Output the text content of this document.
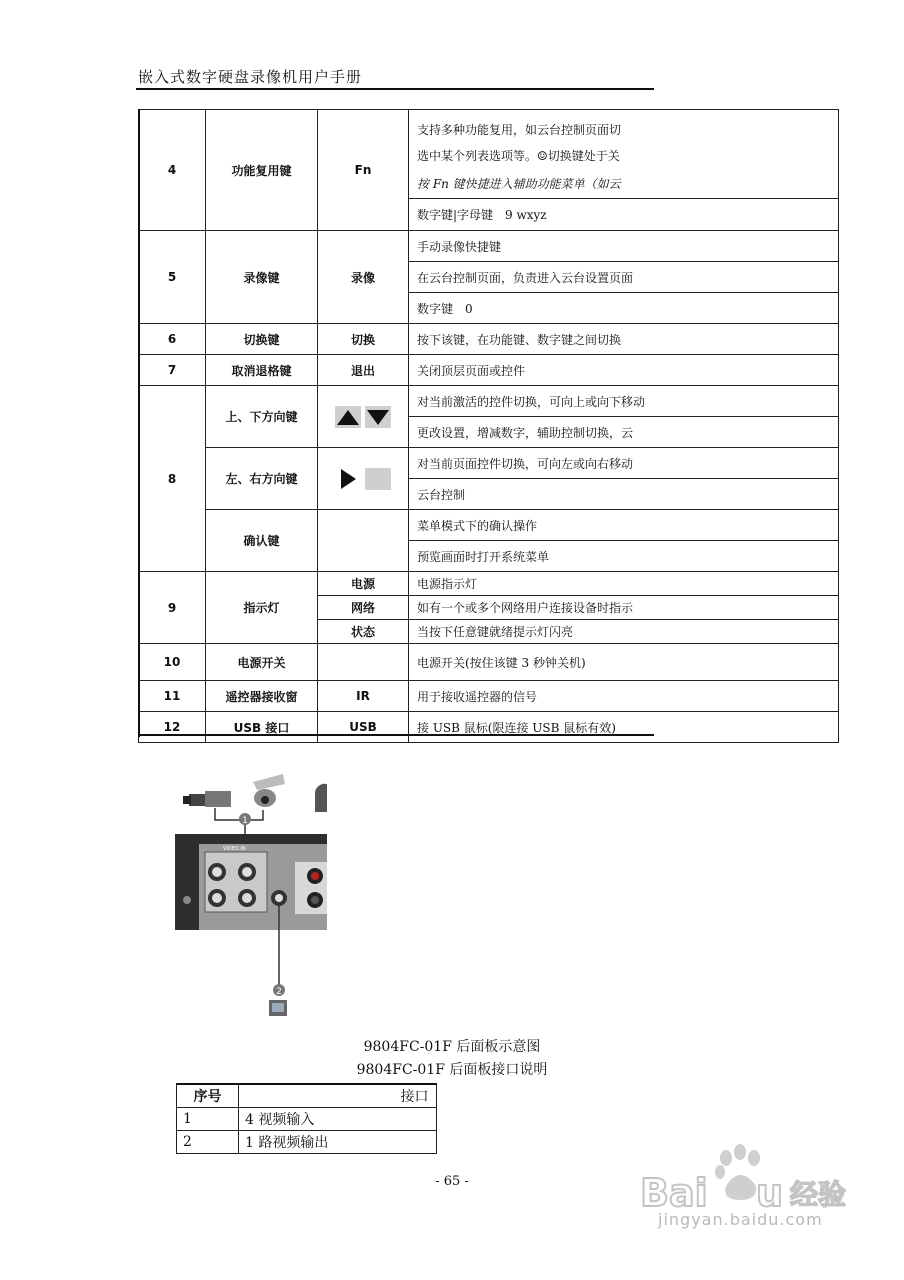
嵌入式数字硬盘录像机用户手册
4	功能复用键	Fn	支持多种功能复用，如云台控制页面切
			选中某个列表选项等。☺切换键处于关
			按 Fn 键快捷进入辅助功能菜单（如云
			数字键|字母键　9 wxyz
5	录像键	录像	手动录像快捷键
			在云台控制页面，负责进入云台设置页面
			数字键　0
6	切换键	切换	按下该键，在功能键、数字键之间切换
7	取消退格键	退出	关闭顶层页面或控件
8	上、下方向键		对当前激活的控件切换，可向上或向下移动
			更改设置，增减数字，辅助控制切换，云
	左、右方向键		对当前页面控件切换，可向左或向右移动
			云台控制
	确认键		菜单模式下的确认操作
			预览画面时打开系统菜单
9	指示灯	电源	电源指示灯
		网络	如有一个或多个网络用户连接设备时指示
		状态	当按下任意键就绪提示灯闪亮
10	电源开关		电源开关(按住该键 3 秒钟关机)
11	遥控器接收窗	IR	用于接收遥控器的信号
12	USB 接口	USB	接 USB 鼠标(限连接 USB 鼠标有效)
1
VIDEO IN
2
9804FC-01F 后面板示意图
9804FC-01F 后面板接口说明
序号	接口
1	4 视频输入
2	1 路视频输出
- 65 -	Bai u 经验
jingyan.baidu.com
